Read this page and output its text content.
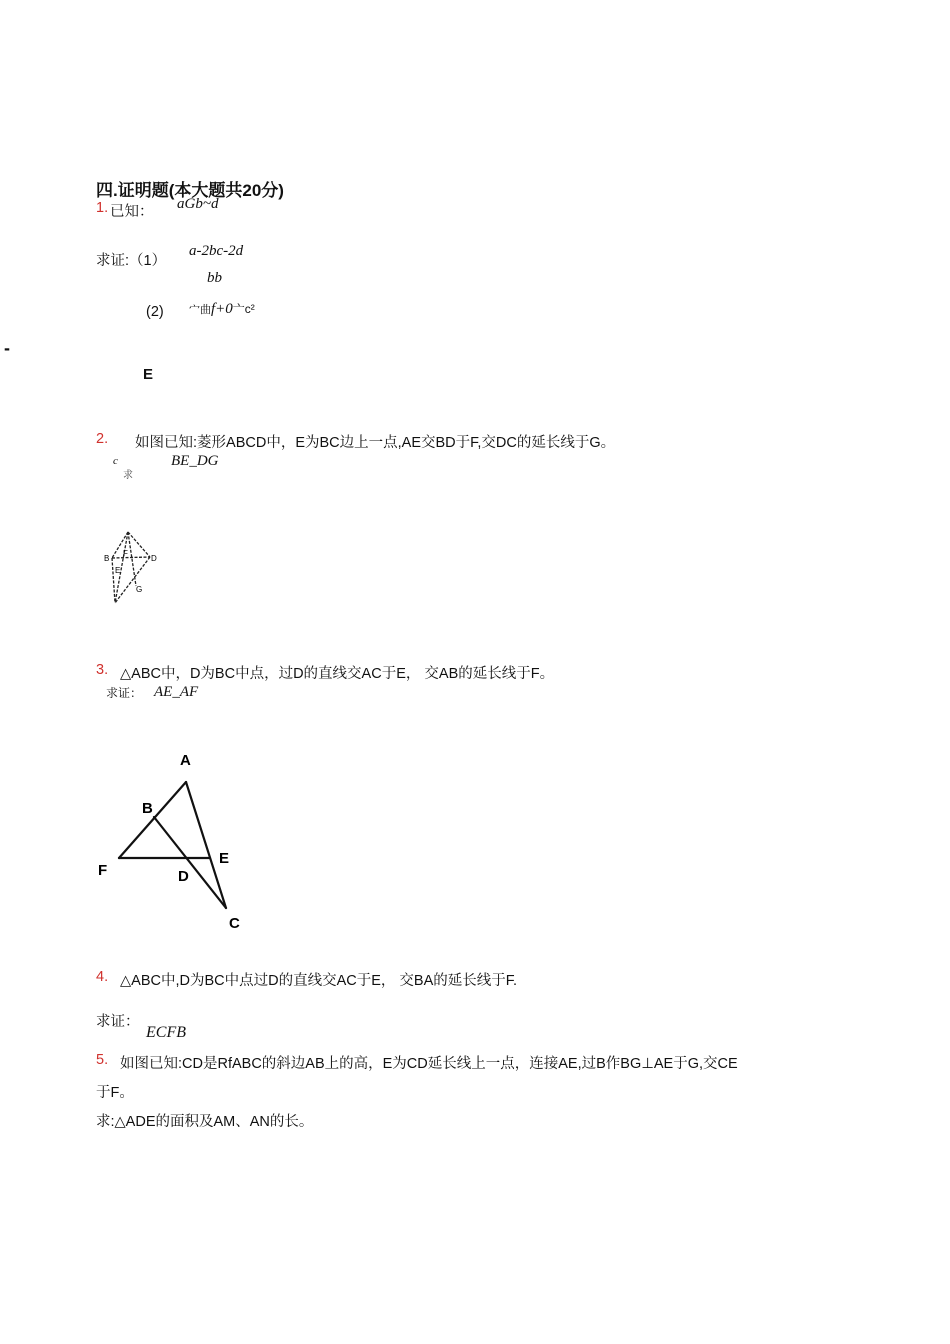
四.证明题(本大题共20分)
1. 已知： aGb~d
求证:（1）
a-2bc-2d
bb
(2) 宀曲f+0亠c²
-
E
2. 如图已知:菱形ABCD中，E为BC边上一点,AE交BD于F,交DC的延长线于G。
c
求
BE_DG
F
B	D
E
G
3. △ABC中，D为BC中点，过D的直线交AC于E， 交AB的延长线于F。
求证： AE_AF
A
B
F
E
D
C
4. △ABC中,D为BC中点过D的直线交AC于E， 交BA的延长线于F.
求证：
ECFB
5. 如图已知:CD是RfABC的斜边AB上的高，E为CD延长线上一点，连接AE,过B作BG⊥AE于G,交CE
于F。
求:△ADE的面积及AM、AN的长。
